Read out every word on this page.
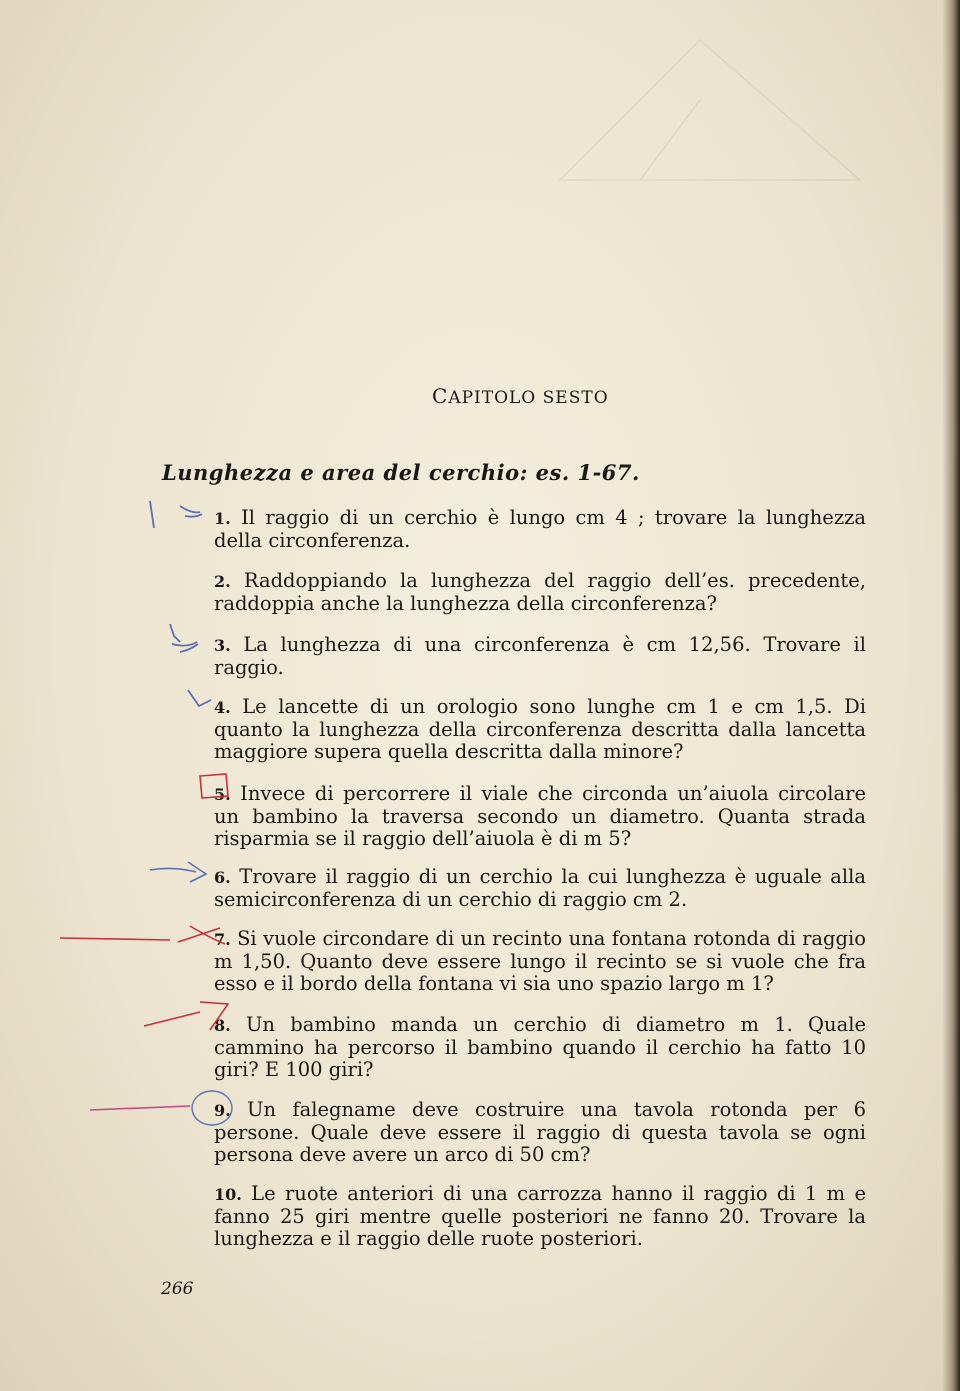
CAPITOLO SESTO
Lunghezza e area del cerchio: es. 1-67.
1. Il raggio di un cerchio è lungo cm 4 ; trovare la lunghezza della circonferenza.
2. Raddoppiando la lunghezza del raggio dell’es. precedente, raddoppia anche la lunghezza della circonferenza?
3. La lunghezza di una circonferenza è cm 12,56. Trovare il raggio.
4. Le lancette di un orologio sono lunghe cm 1 e cm 1,5. Di quanto la lunghezza della circonferenza descritta dalla lancetta maggiore supera quella descritta dalla minore?
5. Invece di percorrere il viale che circonda un’aiuola circolare un bambino la traversa secondo un diametro. Quanta strada risparmia se il raggio dell’aiuola è di m 5?
6. Trovare il raggio di un cerchio la cui lunghezza è uguale alla semicirconferenza di un cerchio di raggio cm 2.
7. Si vuole circondare di un recinto una fontana rotonda di raggio m 1,50. Quanto deve essere lungo il recinto se si vuole che fra esso e il bordo della fontana vi sia uno spazio largo m 1?
8. Un bambino manda un cerchio di diametro m 1. Quale cammino ha percorso il bambino quando il cerchio ha fatto 10 giri? E 100 giri?
9. Un falegname deve costruire una tavola rotonda per 6 persone. Quale deve essere il raggio di questa tavola se ogni persona deve avere un arco di 50 cm?
10. Le ruote anteriori di una carrozza hanno il raggio di 1 m e fanno 25 giri mentre quelle posteriori ne fanno 20. Trovare la lunghezza e il raggio delle ruote posteriori.
266
